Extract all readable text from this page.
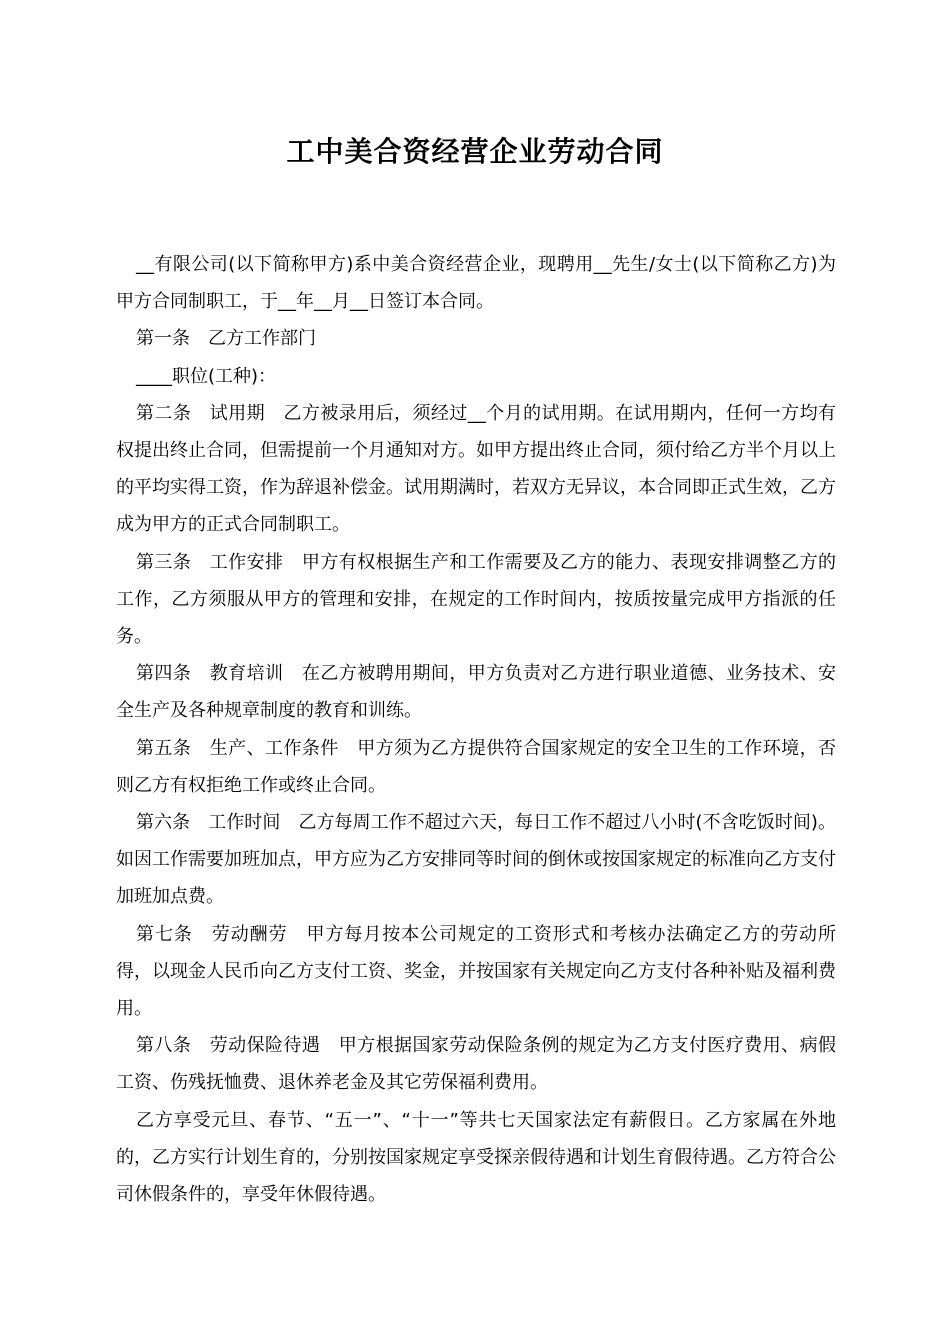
工中美合资经营企业劳动合同

__有限公司(以下简称甲方)系中美合资经营企业，现聘用__先生/女士(以下简称乙方)为甲方合同制职工，于__年__月__日签订本合同。

第一条　乙方工作部门

____职位(工种)：

第二条　试用期　乙方被录用后，须经过__个月的试用期。在试用期内，任何一方均有权提出终止合同，但需提前一个月通知对方。如甲方提出终止合同，须付给乙方半个月以上的平均实得工资，作为辞退补偿金。试用期满时，若双方无异议，本合同即正式生效，乙方成为甲方的正式合同制职工。

第三条　工作安排　甲方有权根据生产和工作需要及乙方的能力、表现安排调整乙方的工作，乙方须服从甲方的管理和安排，在规定的工作时间内，按质按量完成甲方指派的任务。

第四条　教育培训　在乙方被聘用期间，甲方负责对乙方进行职业道德、业务技术、安全生产及各种规章制度的教育和训练。

第五条　生产、工作条件　甲方须为乙方提供符合国家规定的安全卫生的工作环境，否则乙方有权拒绝工作或终止合同。

第六条　工作时间　乙方每周工作不超过六天，每日工作不超过八小时(不含吃饭时间)。如因工作需要加班加点，甲方应为乙方安排同等时间的倒休或按国家规定的标准向乙方支付加班加点费。

第七条　劳动酬劳　甲方每月按本公司规定的工资形式和考核办法确定乙方的劳动所得，以现金人民币向乙方支付工资、奖金，并按国家有关规定向乙方支付各种补贴及福利费用。

第八条　劳动保险待遇　甲方根据国家劳动保险条例的规定为乙方支付医疗费用、病假工资、伤残抚恤费、退休养老金及其它劳保福利费用。

乙方享受元旦、春节、“五一”、“十一”等共七天国家法定有薪假日。乙方家属在外地的，乙方实行计划生育的，分别按国家规定享受探亲假待遇和计划生育假待遇。乙方符合公司休假条件的，享受年休假待遇。
